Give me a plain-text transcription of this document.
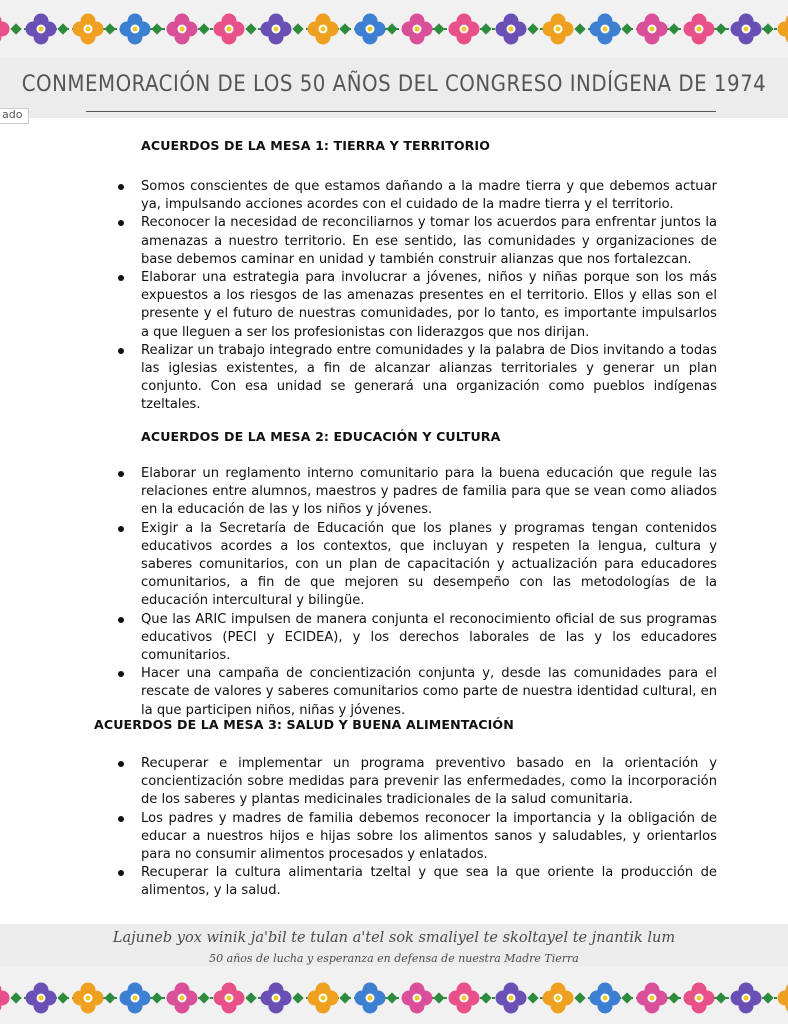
CONMEMORACIÓN DE LOS 50 AÑOS DEL CONGRESO INDÍGENA DE 1974
ACUERDOS DE LA MESA 1: TIERRA Y TERRITORIO
Somos conscientes de que estamos dañando a la madre tierra y que debemos actuar ya, impulsando acciones acordes con el cuidado de la madre tierra y el territorio.
Reconocer la necesidad de reconciliarnos y tomar los acuerdos para enfrentar juntos la amenazas a nuestro territorio. En ese sentido, las comunidades y organizaciones de base debemos caminar en unidad y también construir alianzas que nos fortalezcan.
Elaborar una estrategia para involucrar a jóvenes, niños y niñas porque son los más expuestos a los riesgos de las amenazas presentes en el territorio. Ellos y ellas son el presente y el futuro de nuestras comunidades, por lo tanto, es importante impulsarlos a que lleguen a ser los profesionistas con liderazgos que nos dirijan.
Realizar un trabajo integrado entre comunidades y la palabra de Dios invitando a todas las iglesias existentes, a fin de alcanzar alianzas territoriales y generar un plan conjunto. Con esa unidad se generará una organización como pueblos indígenas tzeltales.
ACUERDOS DE LA MESA 2: EDUCACIÓN Y CULTURA
Elaborar un reglamento interno comunitario para la buena educación que regule las relaciones entre alumnos, maestros y padres de familia para que se vean como aliados en la educación de las y los niños y jóvenes.
Exigir a la Secretaría de Educación que los planes y programas tengan contenidos educativos acordes a los contextos, que incluyan y respeten la lengua, cultura y saberes comunitarios, con un plan de capacitación y actualización para educadores comunitarios, a fin de que mejoren su desempeño con las metodologías de la educación intercultural y bilingüe.
Que las ARIC impulsen de manera conjunta el reconocimiento oficial de sus programas educativos (PECI y ECIDEA), y los derechos laborales de las y los educadores comunitarios.
Hacer una campaña de concientización conjunta y, desde las comunidades para el rescate de valores y saberes comunitarios como parte de nuestra identidad cultural, en la que participen niños, niñas y jóvenes.
ACUERDOS DE LA MESA 3: SALUD Y BUENA ALIMENTACIÓN
Recuperar e implementar un programa preventivo basado en la orientación y concientización sobre medidas para prevenir las enfermedades, como la incorporación de los saberes y plantas medicinales tradicionales de la salud comunitaria.
Los padres y madres de familia debemos reconocer la importancia y la obligación de educar a nuestros hijos e hijas sobre los alimentos sanos y saludables, y orientarlos para no consumir alimentos procesados y enlatados.
Recuperar la cultura alimentaria tzeltal y que sea la que oriente la producción de alimentos, y la salud.
ado
Lajuneb yox winik ja'bil te tulan a'tel sok smaliyel te skoltayel te jnantik lum
50 años de lucha y esperanza en defensa de nuestra Madre Tierra
